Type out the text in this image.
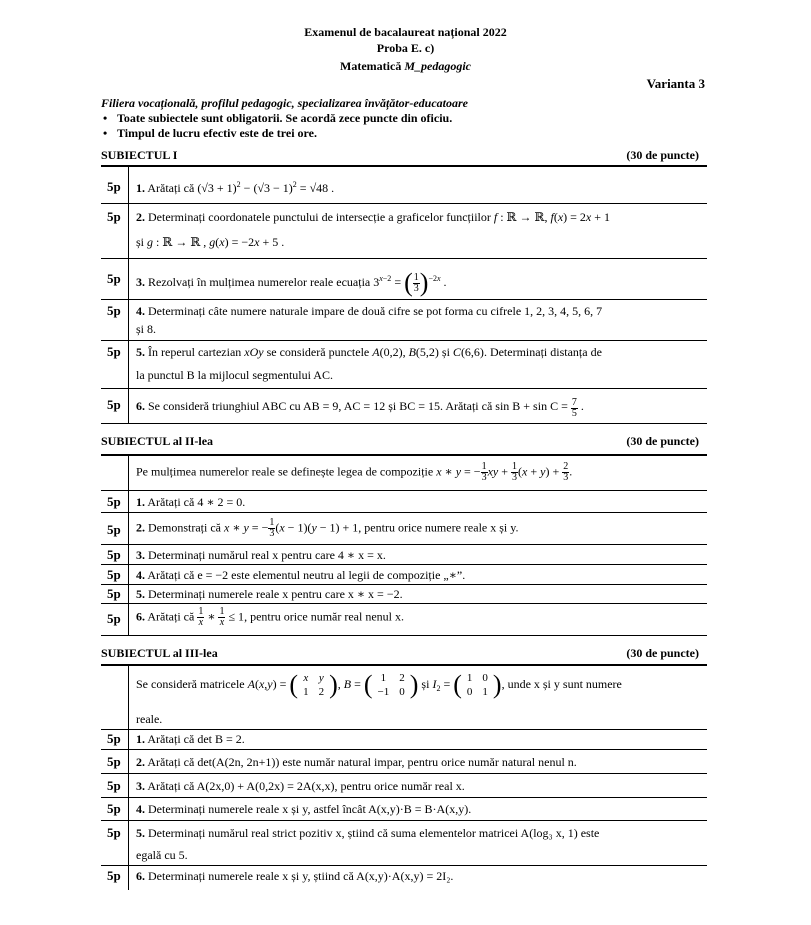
Examenul de bacalaureat național 2022
Proba E. c)
Matematică M_pedagogic
Varianta 3
Filiera vocațională, profilul pedagogic, specializarea învățător-educatoare
• Toate subiectele sunt obligatorii. Se acordă zece puncte din oficiu.
• Timpul de lucru efectiv este de trei ore.
SUBIECTUL I	(30 de puncte)
5p 1. Arătați că $(√3 + 1)^2 - (√3 - 1)^2 = √48$ .
5p 2. Determinați coordonatele punctului de intersecție a graficelor funcțiilor f : ℝ → ℝ, f(x) = 2x + 1
și g : ℝ → ℝ , g(x) = −2x + 5 .
5p 3. Rezolvați în mulțimea numerelor reale ecuația $3^{x-2}$ = ( $\frac{1}{3} )^{-2x}$ .
5p 4. Determinați câte numere naturale impare de două cifre se pot forma cu cifrele 1, 2, 3, 4, 5, 6, 7
și 8.
5p 5. În reperul cartezian xOy se consideră punctele A(0,2), B(5,2) și C(6,6). Determinați distanța de
la punctul B la mijlocul segmentului AC.
5p 6. Se consideră triunghiul ABC cu AB = 9, AC = 12 și BC = 15. Arătați că $\sin B + \sin C = \frac{7}{5}$ .
SUBIECTUL al II-lea	(30 de puncte)
Pe mulțimea numerelor reale se definește legea de compoziție x ∗ y = − $\frac{1}{3}$ xy + $\frac{1}{3} (x + y) + \frac{2}{3}$ .
5p 1. Arătați că 4 ∗ 2 = 0.
5p 2. Demonstrați că x ∗ y = − $\frac{1}{3} (x - 1)(y - 1) + 1$, pentru orice numere reale x și y.
5p 3. Determinați numărul real x pentru care 4 ∗ x = x.
5p 4. Arătați că e = −2 este elementul neutru al legii de compoziție „∗”.
5p 5. Determinați numerele reale x pentru care x ∗ x = −2.
5p 6. Arătați că $\frac{1}{x}$ ∗ $\frac{1}{x} \le 1$, pentru orice număr real nenul x.
SUBIECTUL al III-lea	(30 de puncte)
Se consideră matricele A(x,y) = ( x	y
1	2 ), B = ( 1	2
−1	0 ) și $I_2$ = ( 1	0
0	1 ), unde x și y sunt numere
reale.
5p 1. Arătați că det B = 2.
5p 2. Arătați că det(A(2n, 2n+1)) este număr natural impar, pentru orice număr natural nenul n.
5p 3. Arătați că A(2x,0) + A(0,2x) = 2A(x,x), pentru orice număr real x.
5p 4. Determinați numerele reale x și y, astfel încât A(x,y)·B = B·A(x,y).
5p 5. Determinați numărul real strict pozitiv x, știind că suma elementelor matricei A(log₃ x, 1) este
egală cu 5.
5p 6. Determinați numerele reale x și y, știind că A(x,y)·A(x,y) = 2I₂.
